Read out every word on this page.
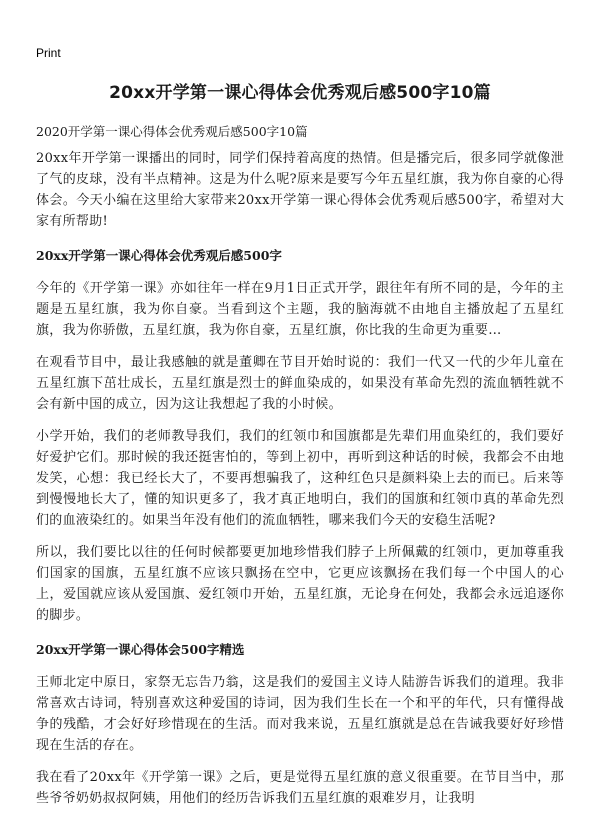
Print
20xx开学第一课心得体会优秀观后感500字10篇

2020开学第一课心得体会优秀观后感500字10篇

20xx年开学第一课播出的同时，同学们保持着高度的热情。但是播完后，很多同学就像泄了气的皮球，没有半点精神。这是为什么呢?原来是要写今年五星红旗，我为你自豪的心得体会。今天小编在这里给大家带来20xx开学第一课心得体会优秀观后感500字，希望对大家有所帮助!

20xx开学第一课心得体会优秀观后感500字

今年的《开学第一课》亦如往年一样在9月1日正式开学，跟往年有所不同的是，今年的主题是五星红旗，我为你自豪。当看到这个主题，我的脑海就不由地自主播放起了五星红旗，我为你骄傲，五星红旗，我为你自豪，五星红旗，你比我的生命更为重要…

在观看节目中，最让我感触的就是董卿在节目开始时说的：我们一代又一代的少年儿童在五星红旗下茁壮成长，五星红旗是烈士的鲜血染成的，如果没有革命先烈的流血牺牲就不会有新中国的成立，因为这让我想起了我的小时候。

小学开始，我们的老师教导我们，我们的红领巾和国旗都是先辈们用血染红的，我们要好好爱护它们。那时候的我还挺害怕的，等到上初中，再听到这种话的时候，我都会不由地发笑，心想：我已经长大了，不要再想骗我了，这种红色只是颜料染上去的而已。后来等到慢慢地长大了，懂的知识更多了，我才真正地明白，我们的国旗和红领巾真的革命先烈们的血液染红的。如果当年没有他们的流血牺牲，哪来我们今天的安稳生活呢?

所以，我们要比以往的任何时候都要更加地珍惜我们脖子上所佩戴的红领巾，更加尊重我们国家的国旗，五星红旗不应该只飘扬在空中，它更应该飘扬在我们每一个中国人的心上，爱国就应该从爱国旗、爱红领巾开始，五星红旗，无论身在何处，我都会永远追逐你的脚步。

20xx开学第一课心得体会500字精选

王师北定中原日，家祭无忘告乃翁，这是我们的爱国主义诗人陆游告诉我们的道理。我非常喜欢古诗词，特别喜欢这种爱国的诗词，因为我们生长在一个和平的年代，只有懂得战争的残酷，才会好好珍惜现在的生活。而对我来说，五星红旗就是总在告诫我要好好珍惜现在生活的存在。

我在看了20xx年《开学第一课》之后，更是觉得五星红旗的意义很重要。在节目当中，那些爷爷奶奶叔叔阿姨，用他们的经历告诉我们五星红旗的艰难岁月，让我明
